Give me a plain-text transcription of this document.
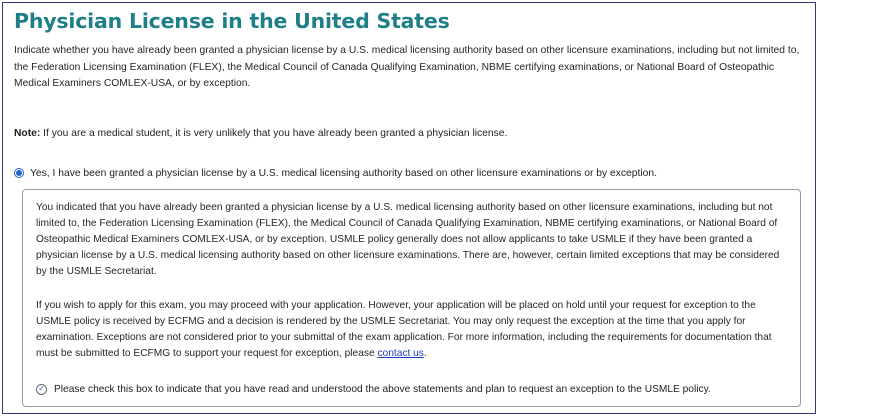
Physician License in the United States

Indicate whether you have already been granted a physician license by a U.S. medical licensing authority based on other licensure examinations, including but not limited to, the Federation Licensing Examination (FLEX), the Medical Council of Canada Qualifying Examination, NBME certifying examinations, or National Board of Osteopathic Medical Examiners COMLEX-USA, or by exception.

Note: If you are a medical student, it is very unlikely that you have already been granted a physician license.

Yes, I have been granted a physician license by a U.S. medical licensing authority based on other licensure examinations or by exception.

You indicated that you have already been granted a physician license by a U.S. medical licensing authority based on other licensure examinations, including but not limited to, the Federation Licensing Examination (FLEX), the Medical Council of Canada Qualifying Examination, NBME certifying examinations, or National Board of Osteopathic Medical Examiners COMLEX-USA, or by exception. USMLE policy generally does not allow applicants to take USMLE if they have been granted a physician license by a U.S. medical licensing authority based on other licensure examinations. There are, however, certain limited exceptions that may be considered by the USMLE Secretariat.

If you wish to apply for this exam, you may proceed with your application. However, your application will be placed on hold until your request for exception to the USMLE policy is received by ECFMG and a decision is rendered by the USMLE Secretariat. You may only request the exception at the time that you apply for examination. Exceptions are not considered prior to your submittal of the exam application. For more information, including the requirements for documentation that must be submitted to ECFMG to support your request for exception, please contact us.

✓ Please check this box to indicate that you have read and understood the above statements and plan to request an exception to the USMLE policy.
